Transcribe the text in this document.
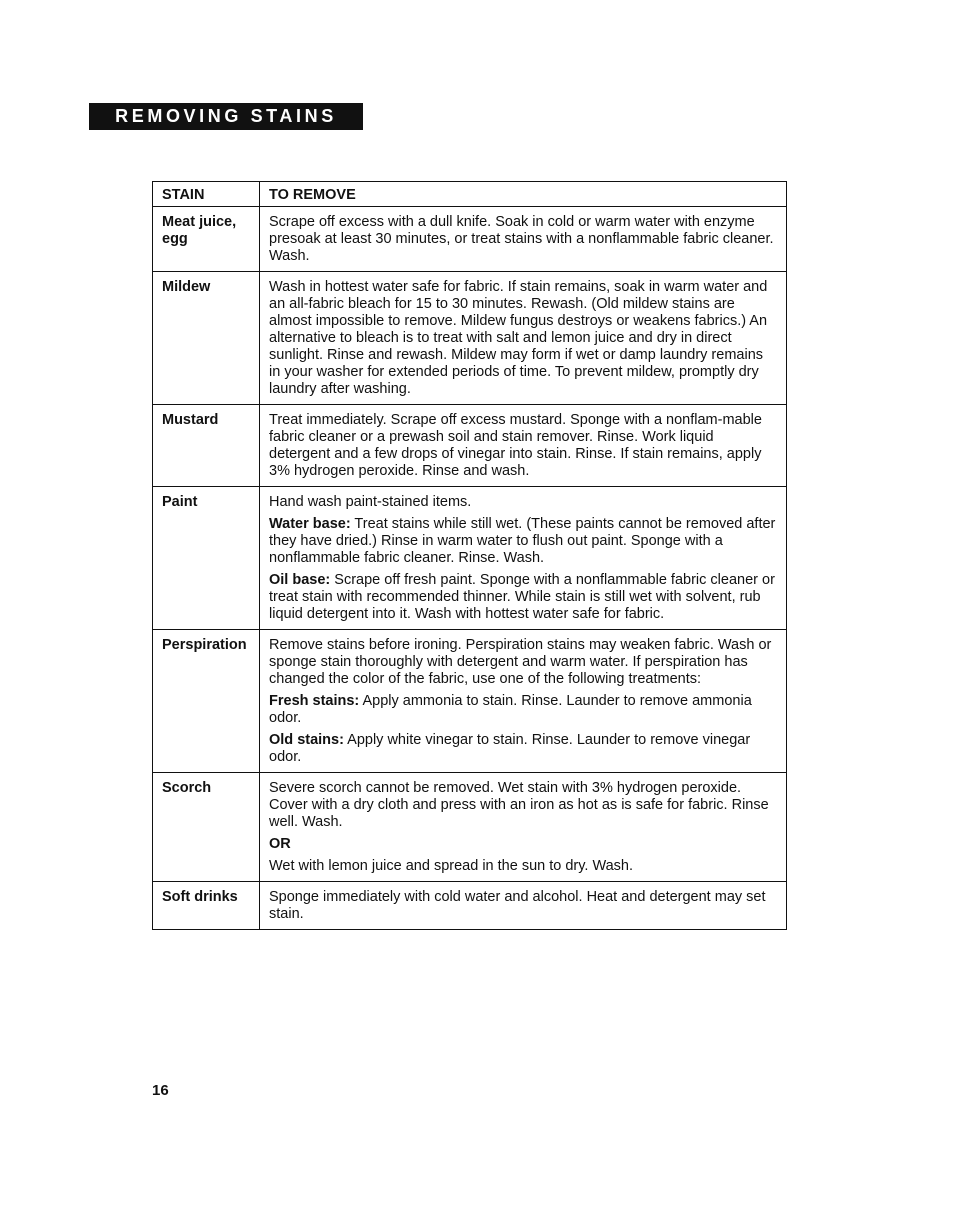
REMOVING STAINS
STAIN	TO REMOVE
Meat juice, egg	Scrape off excess with a dull knife. Soak in cold or warm water with enzyme presoak at least 30 minutes, or treat stains with a nonflammable fabric cleaner. Wash.

Mildew	Wash in hottest water safe for fabric. If stain remains, soak in warm water and an all-fabric bleach for 15 to 30 minutes. Rewash. (Old mildew stains are almost impossible to remove. Mildew fungus destroys or weakens fabrics.) An alternative to bleach is to treat with salt and lemon juice and dry in direct sunlight. Rinse and rewash. Mildew may form if wet or damp laundry remains in your washer for extended periods of time. To prevent mildew, promptly dry laundry after washing.

Mustard	Treat immediately. Scrape off excess mustard. Sponge with a nonflam-mable fabric cleaner or a prewash soil and stain remover. Rinse. Work liquid detergent and a few drops of vinegar into stain. Rinse. If stain remains, apply 3% hydrogen peroxide. Rinse and wash.

Paint	Hand wash paint-stained items.

Water base: Treat stains while still wet. (These paints cannot be removed after they have dried.) Rinse in warm water to flush out paint. Sponge with a nonflammable fabric cleaner. Rinse. Wash.

Oil base: Scrape off fresh paint. Sponge with a nonflammable fabric cleaner or treat stain with recommended thinner. While stain is still wet with solvent, rub liquid detergent into it. Wash with hottest water safe for fabric.

Perspiration	Remove stains before ironing. Perspiration stains may weaken fabric. Wash or sponge stain thoroughly with detergent and warm water. If perspiration has changed the color of the fabric, use one of the following treatments:

Fresh stains: Apply ammonia to stain. Rinse. Launder to remove ammonia odor.

Old stains: Apply white vinegar to stain. Rinse. Launder to remove vinegar odor.

Scorch	Severe scorch cannot be removed. Wet stain with 3% hydrogen peroxide. Cover with a dry cloth and press with an iron as hot as is safe for fabric. Rinse well. Wash.

OR

Wet with lemon juice and spread in the sun to dry. Wash.

Soft drinks	Sponge immediately with cold water and alcohol. Heat and detergent may set stain.

16
